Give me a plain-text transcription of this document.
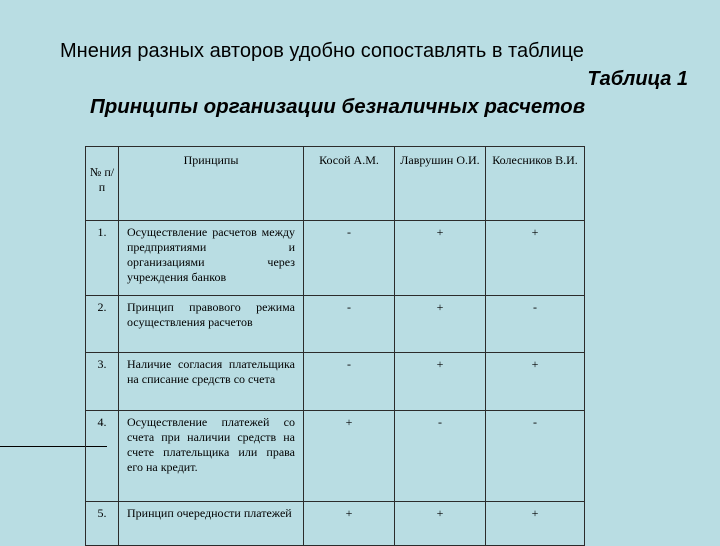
Мнения разных авторов удобно сопоставлять в таблице
Таблица 1
Принципы организации безналичных расчетов
№ п/ п	Принципы	Косой А.М.	Лаврушин О.И.	Колесников В.И.

1.	Осуществление расчетов между предприятиями и организациями через учреждения банков	-	+	+

2.	Принцип правового режима осуществления расчетов	-	+	-

3.	Наличие согласия плательщика на списание средств со счета	-	+	+

4.	Осуществление платежей со счета при наличии средств на счете плательщика или права его на кредит.	+	-	-

5.	Принцип очередности платежей	+	+	+
